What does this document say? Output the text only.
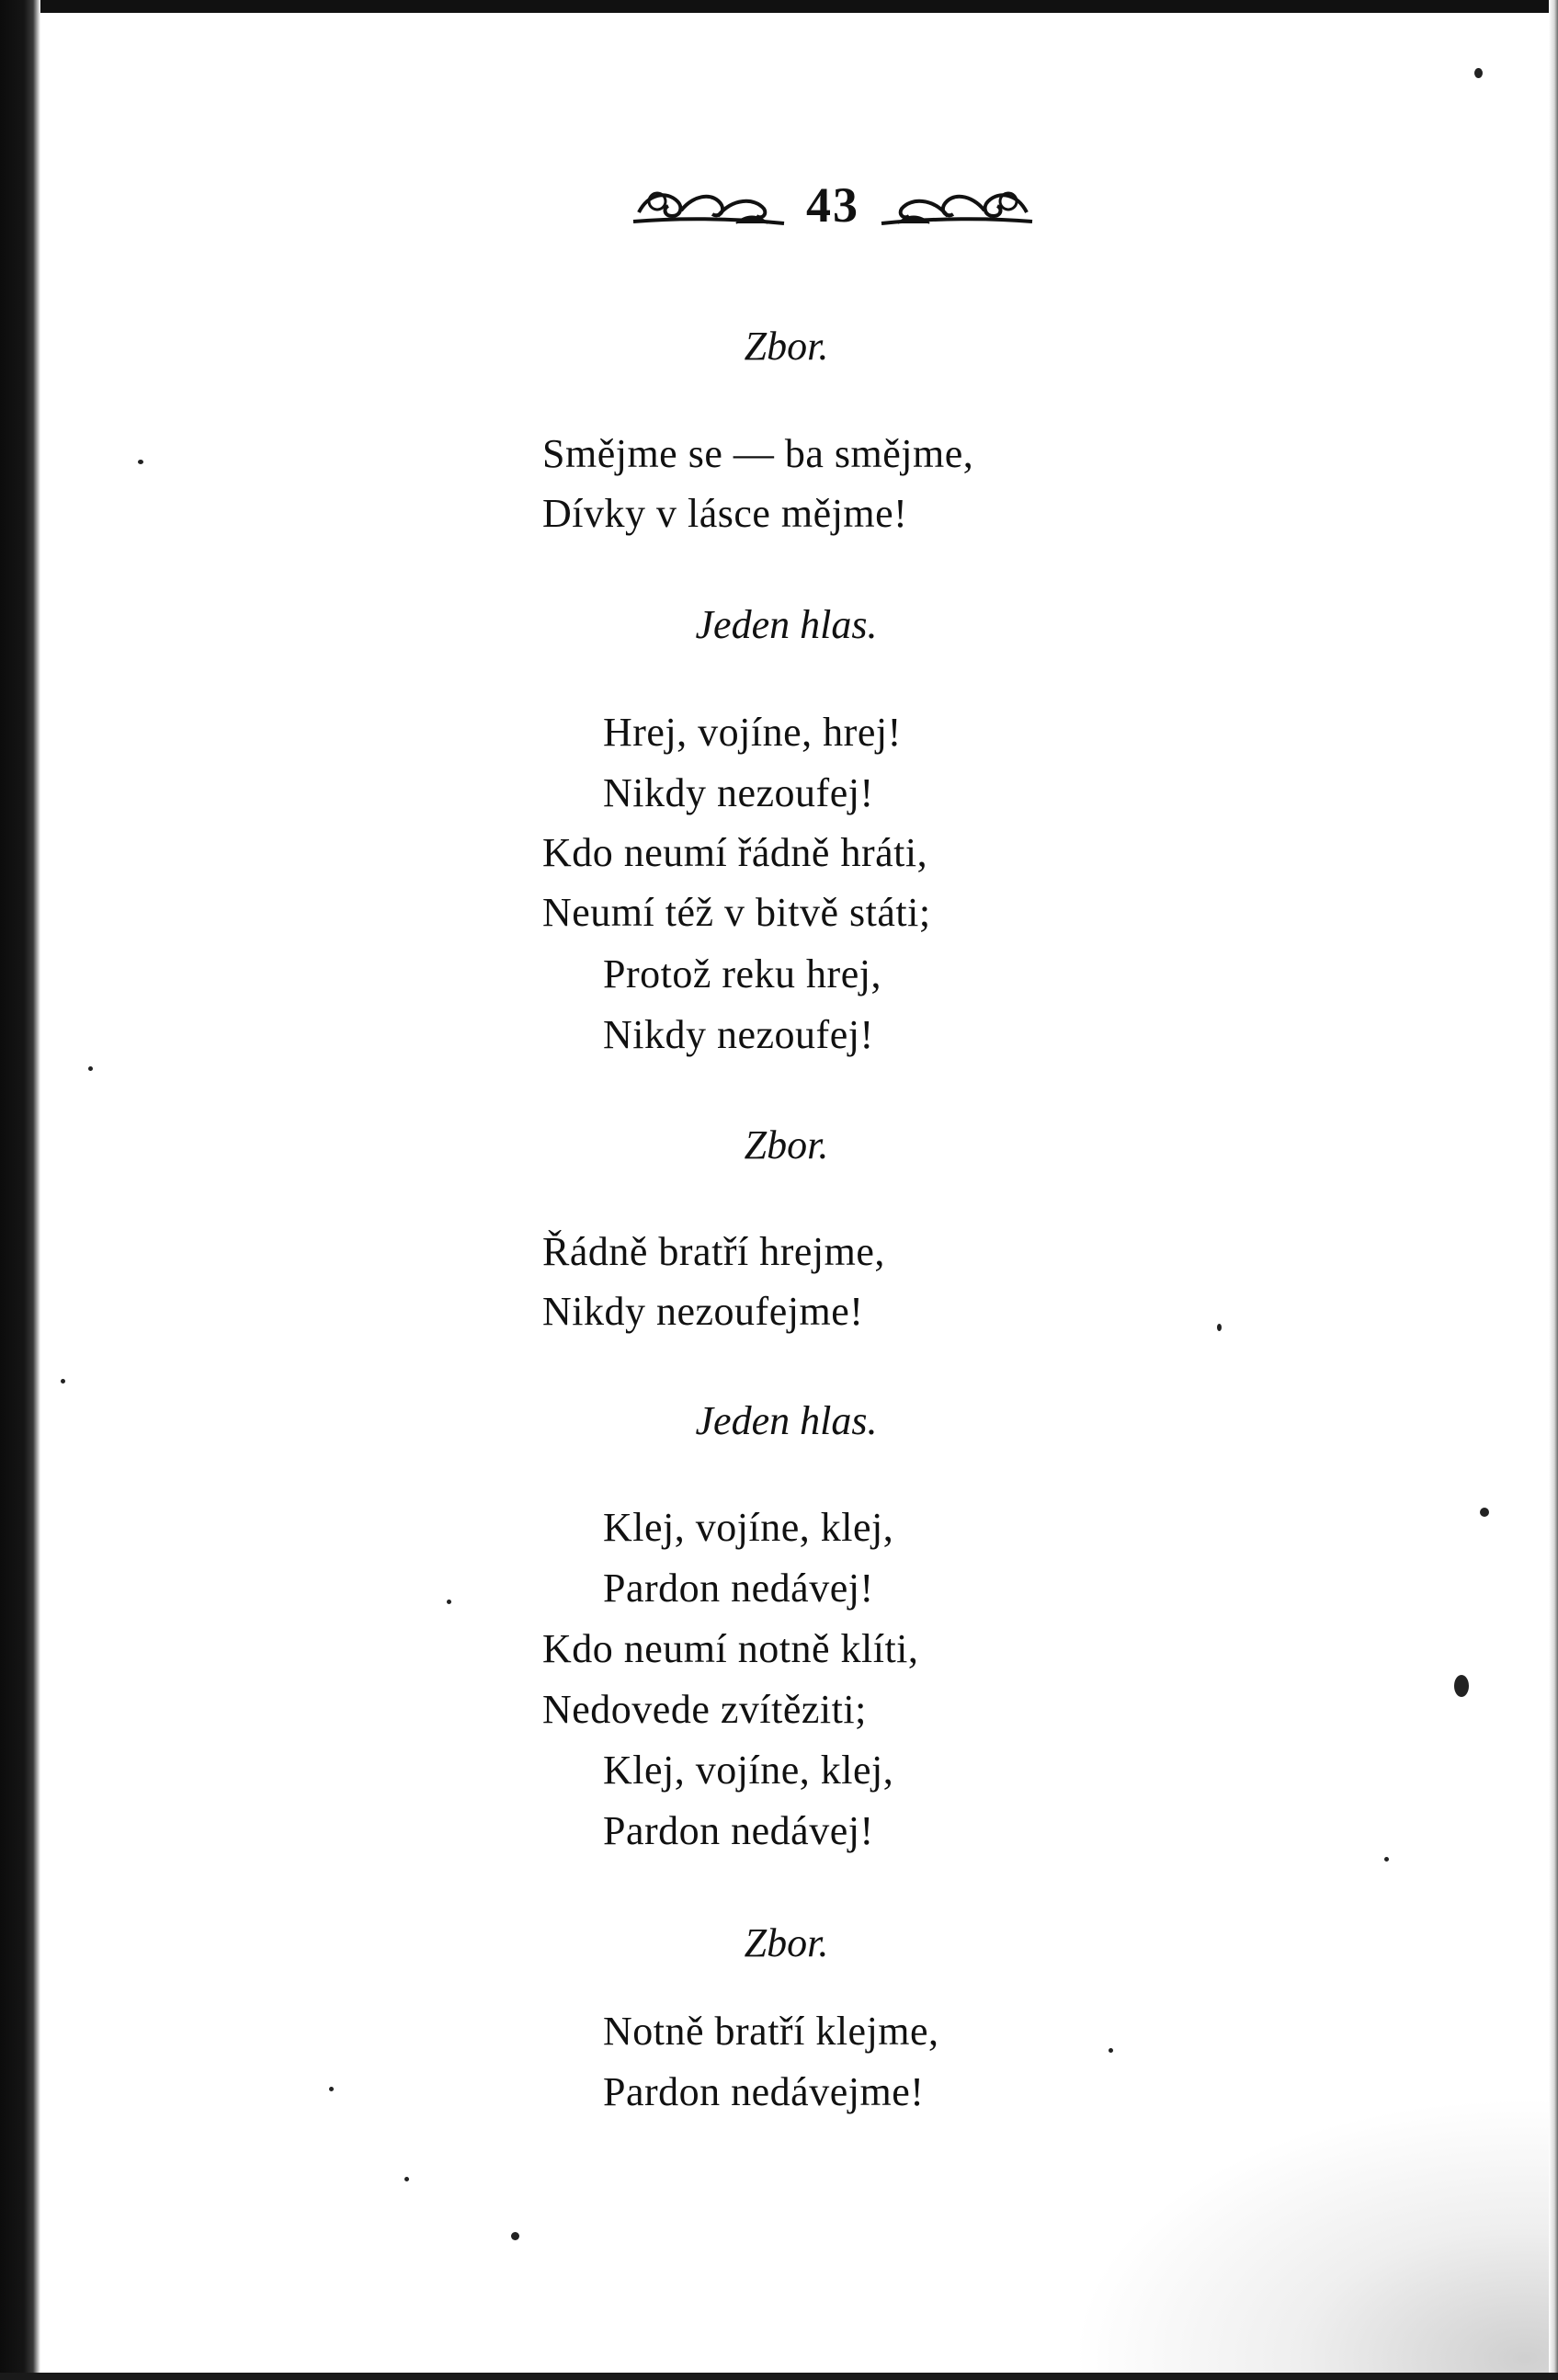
43

Zbor.

Smějme se — ba smějme,

Dívky v lásce mějme!

Jeden hlas.

Hrej, vojíne, hrej!

Nikdy nezoufej!

Kdo neumí řádně hráti,

Neumí též v bitvě státi;

Protož reku hrej,

Nikdy nezoufej!

Zbor.

Řádně bratří hrejme,

Nikdy nezoufejme!

Jeden hlas.

Klej, vojíne, klej,

Pardon nedávej!

Kdo neumí notně klíti,

Nedovede zvítěziti;

Klej, vojíne, klej,

Pardon nedávej!

Zbor.

Notně bratří klejme,

Pardon nedávejme!
